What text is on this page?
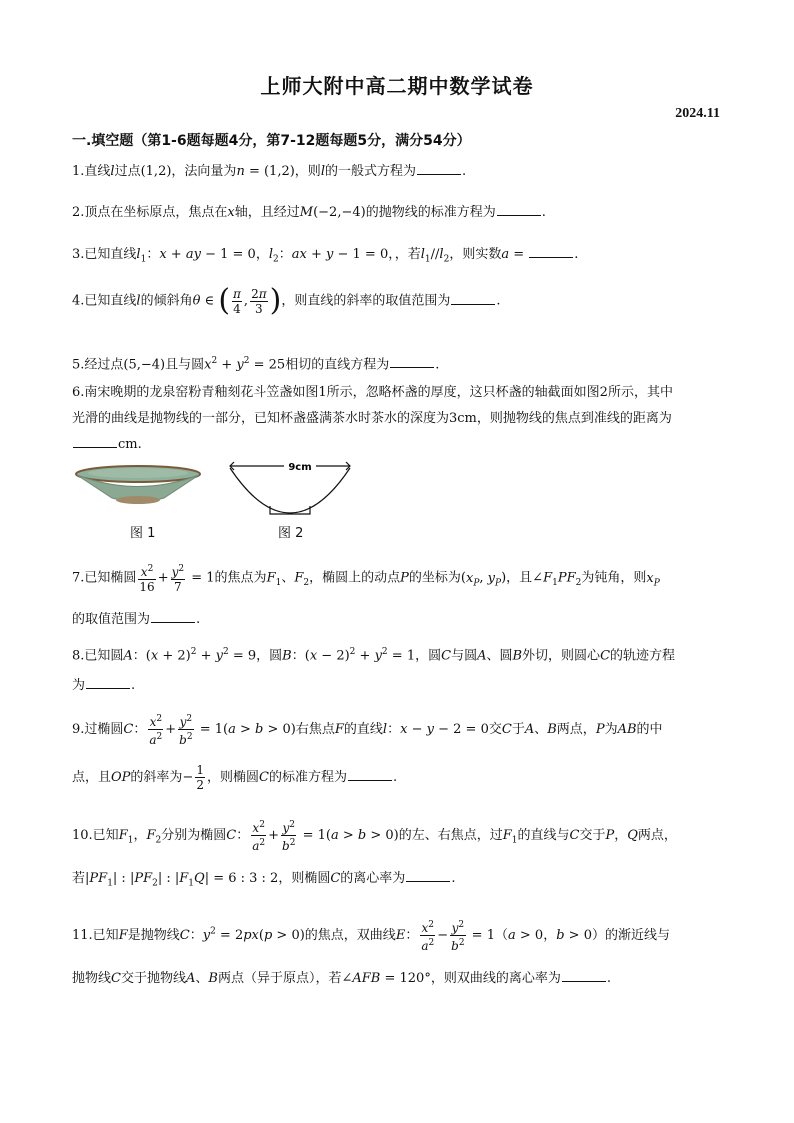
上师大附中高二期中数学试卷
2024.11
一.填空题（第1-6题每题4分，第7-12题每题5分，满分54分）
1.直线l过点(1,2)，法向量为n = (1,2)，则l的一般式方程为	.
2.顶点在坐标原点，焦点在x轴，且经过M(−2,−4)的抛物线的标准方程为	.
3.已知直线$l_1$：x + ay − 1 = 0，$l_2$：ax + y − 1 = 0，，若$l_1//l_2$，则实数a =	.
4.已知直线l的倾斜角θ ∈ ( $\frac{\pi}{4}$ , $\frac{2\pi}{3}$ )，则直线的斜率的取值范围为	.
5.经过点(5,−4)且与圆$x^2 + y^2 = 25$相切的直线方程为	.
6.南宋晚期的龙泉窑粉青釉刻花斗笠盏如图1所示，忽略杯盏的厚度，这只杯盏的轴截面如图2所示，其中
光滑的曲线是抛物线的一部分，已知杯盏盛满茶水时茶水的深度为3cm，则抛物线的焦点到准线的距离为
cm.
9cm
图 1	图 2
7.已知椭圆 $\frac{x^2}{16} + \frac{y^2}{7} = 1$的焦点为$F_1$、$F_2$，椭圆上的动点P的坐标为($x_P$, $y_P$)，且$\angle F_1PF_2$为钝角，则$x_P$
的取值范围为	.
8.已知圆A：$(x + 2)^2 + y^2 = 9$，圆B：$(x - 2)^2 + y^2 = 1$，圆C与圆A、圆B外切，则圆心C的轨迹方程
为	.
9.过椭圆C： $\frac{x^2}{a^2} + \frac{y^2}{b^2} = 1(a > b > 0)$右焦点F的直线l：x − y − 2 = 0交C于A、B两点，P为AB的中
点，且OP的斜率为− $\frac{1}{2}$ ，则椭圆C的标准方程为	.
10.已知$F_1$，$F_2$分别为椭圆C： $\frac{x^2}{a^2} + \frac{y^2}{b^2} = 1(a > b > 0)$的左、右焦点，过$F_1$的直线与C交于P，Q两点，
若$|PF_1|$ : $|PF_2|$ : $|F_1Q| = 6$ : 3 : 2，则椭圆C的离心率为	.
11.已知F是抛物线C：$y^2 = 2px(p > 0)$的焦点，双曲线E： $\frac{x^2}{a^2} - \frac{y^2}{b^2} = 1(a > 0$，b > 0）的渐近线与
抛物线C交于抛物线A、B两点（异于原点），若∠AFB = 120°，则双曲线的离心率为	.
